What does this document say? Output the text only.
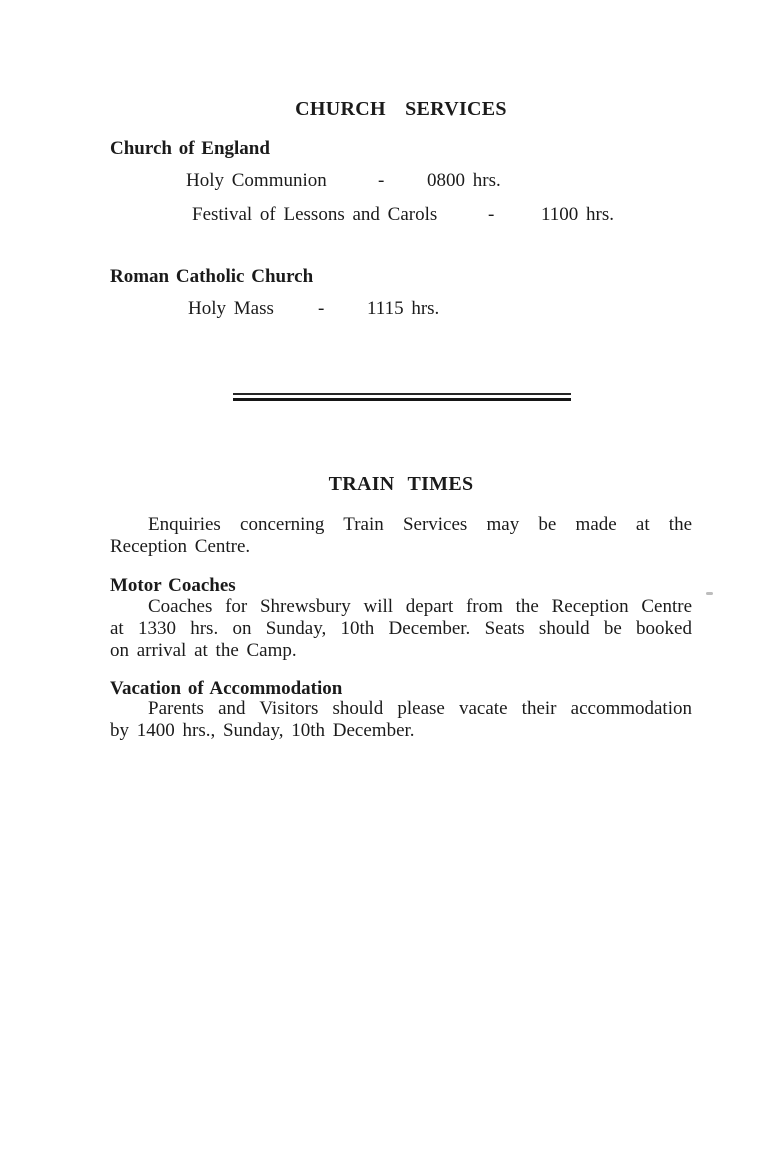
CHURCH SERVICES
Church of England
Holy Communion	- 0800 hrs.
Festival of Lessons and Carols	- 1100 hrs.
Roman Catholic Church
Holy Mass - 1115 hrs.
TRAIN TIMES
Enquiries concerning Train Services may be made at the
Reception Centre.
Motor Coaches
Coaches for Shrewsbury will depart from the Reception Centre
at 1330 hrs. on Sunday, 10th December. Seats should be booked
on arrival at the Camp.
Vacation of Accommodation
Parents and Visitors should please vacate their accommodation
by 1400 hrs., Sunday, 10th December.
